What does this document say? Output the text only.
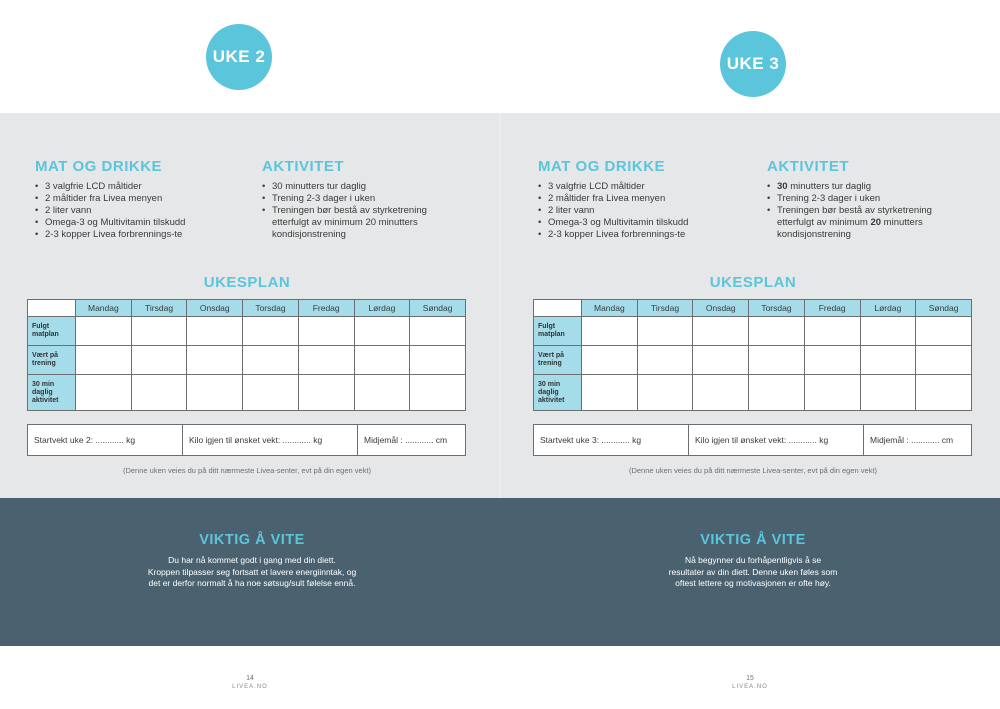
UKE 2
MAT OG DRIKKE
• 3 valgfrie LCD måltider
• 2 måltider fra Livea menyen
• 2 liter vann
• Omega-3 og Multivitamin tilskudd
• 2-3 kopper Livea forbrennings-te
AKTIVITET
• 30 minutters tur daglig
• Trening 2-3 dager i uken
• Treningen bør bestå av styrketrening etterfulgt av minimum 20 minutters kondisjonstrening
UKESPLAN
	Mandag	Tirsdag	Onsdag	Torsdag	Fredag	Lørdag	Søndag
Fulgt matplan							
Vært på trening							
30 min daglig aktivitet							
Startvekt uke 2: ............ kg	Kilo igjen til ønsket vekt: ............ kg	Midjemål : ............ cm
(Denne uken veies du på ditt nærmeste Livea-senter, evt på din egen vekt)
VIKTIG Å VITE
Du har nå kommet godt i gang med din diett.
Kroppen tilpasser seg fortsatt et lavere energiinntak, og
det er derfor normalt å ha noe søtsug/sult følelse ennå.
14
LIVEA.NO
UKE 3
MAT OG DRIKKE
• 3 valgfrie LCD måltider
• 2 måltider fra Livea menyen
• 2 liter vann
• Omega-3 og Multivitamin tilskudd
• 2-3 kopper Livea forbrennings-te
AKTIVITET
• 30 minutters tur daglig
• Trening 2-3 dager i uken
• Treningen bør bestå av styrketrening etterfulgt av minimum 20 minutters kondisjonstrening
UKESPLAN
	Mandag	Tirsdag	Onsdag	Torsdag	Fredag	Lørdag	Søndag
Fulgt matplan							
Vært på trening							
30 min daglig aktivitet							
Startvekt uke 3: ............ kg	Kilo igjen til ønsket vekt: ............ kg	Midjemål : ............ cm
(Denne uken veies du på ditt nærmeste Livea-senter, evt på din egen vekt)
VIKTIG Å VITE
Nå begynner du forhåpentligvis å se
resultater av din diett. Denne uken føles som
oftest lettere og motivasjonen er ofte høy.
15
LIVEA.NO
